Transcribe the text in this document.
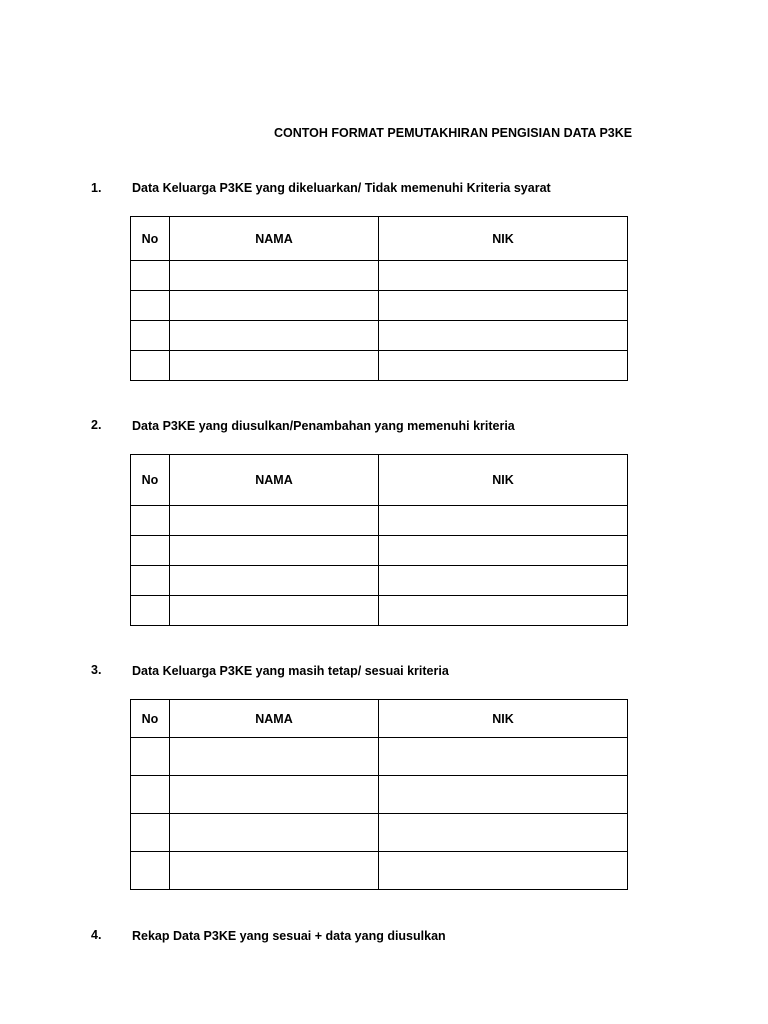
CONTOH FORMAT PEMUTAKHIRAN PENGISIAN DATA P3KE
1. Data Keluarga P3KE yang dikeluarkan/ Tidak memenuhi Kriteria syarat
No	NAMA	NIK

2. Data P3KE yang diusulkan/Penambahan yang memenuhi kriteria
No	NAMA	NIK

3. Data Keluarga P3KE yang masih tetap/ sesuai kriteria
No	NAMA	NIK

4. Rekap Data P3KE yang sesuai + data yang diusulkan
